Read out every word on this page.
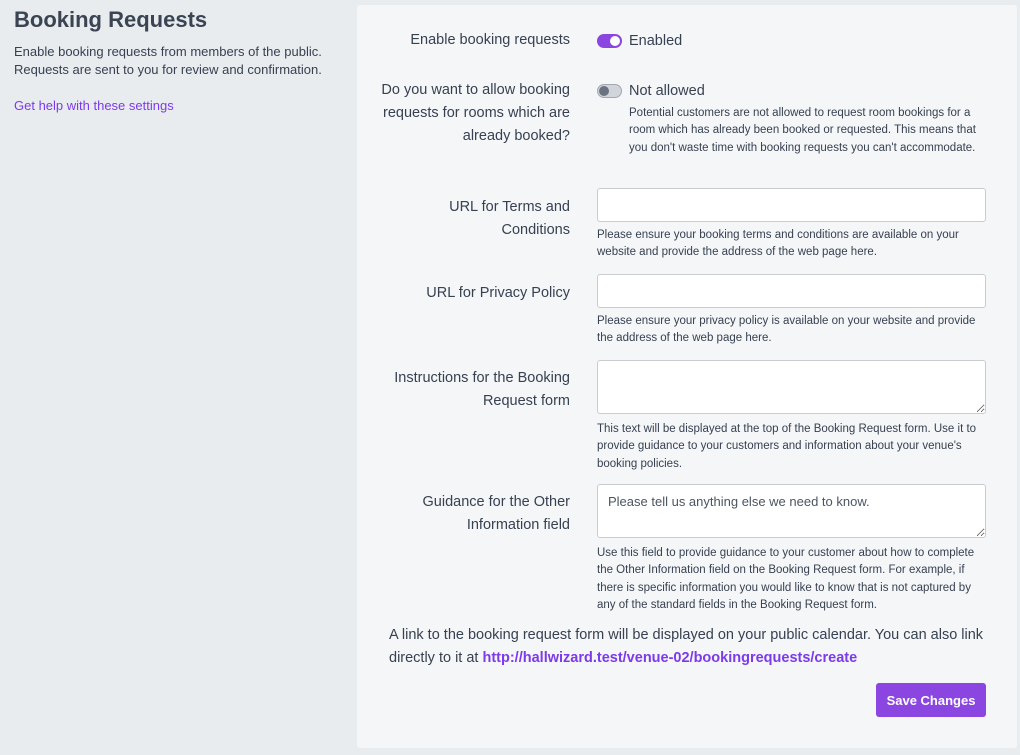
Booking Requests

Enable booking requests from members of the public. Requests are sent to you for review and confirmation.

Get help with these settings
Enable booking requests	Enabled
Do you want to allow booking requests for rooms which are already booked?
Not allowed
Potential customers are not allowed to request room bookings for a room which has already been booked or requested. This means that you don't waste time with booking requests you can't accommodate.
URL for Terms and Conditions Please ensure your booking terms and conditions are available on your website and provide the address of the web page here.
URL for Privacy Policy
Please ensure your privacy policy is available on your website and provide the address of the web page here.
Instructions for the Booking Request form
This text will be displayed at the top of the Booking Request form. Use it to provide guidance to your customers and information about your venue's booking policies.
Guidance for the Other Information field
Please tell us anything else we need to know.
Use this field to provide guidance to your customer about how to complete the Other Information field on the Booking Request form. For example, if there is specific information you would like to know that is not captured by any of the standard fields in the Booking Request form.
A link to the booking request form will be displayed on your public calendar. You can also link directly to it at http://hallwizard.test/venue-02/bookingrequests/create
Save Changes
